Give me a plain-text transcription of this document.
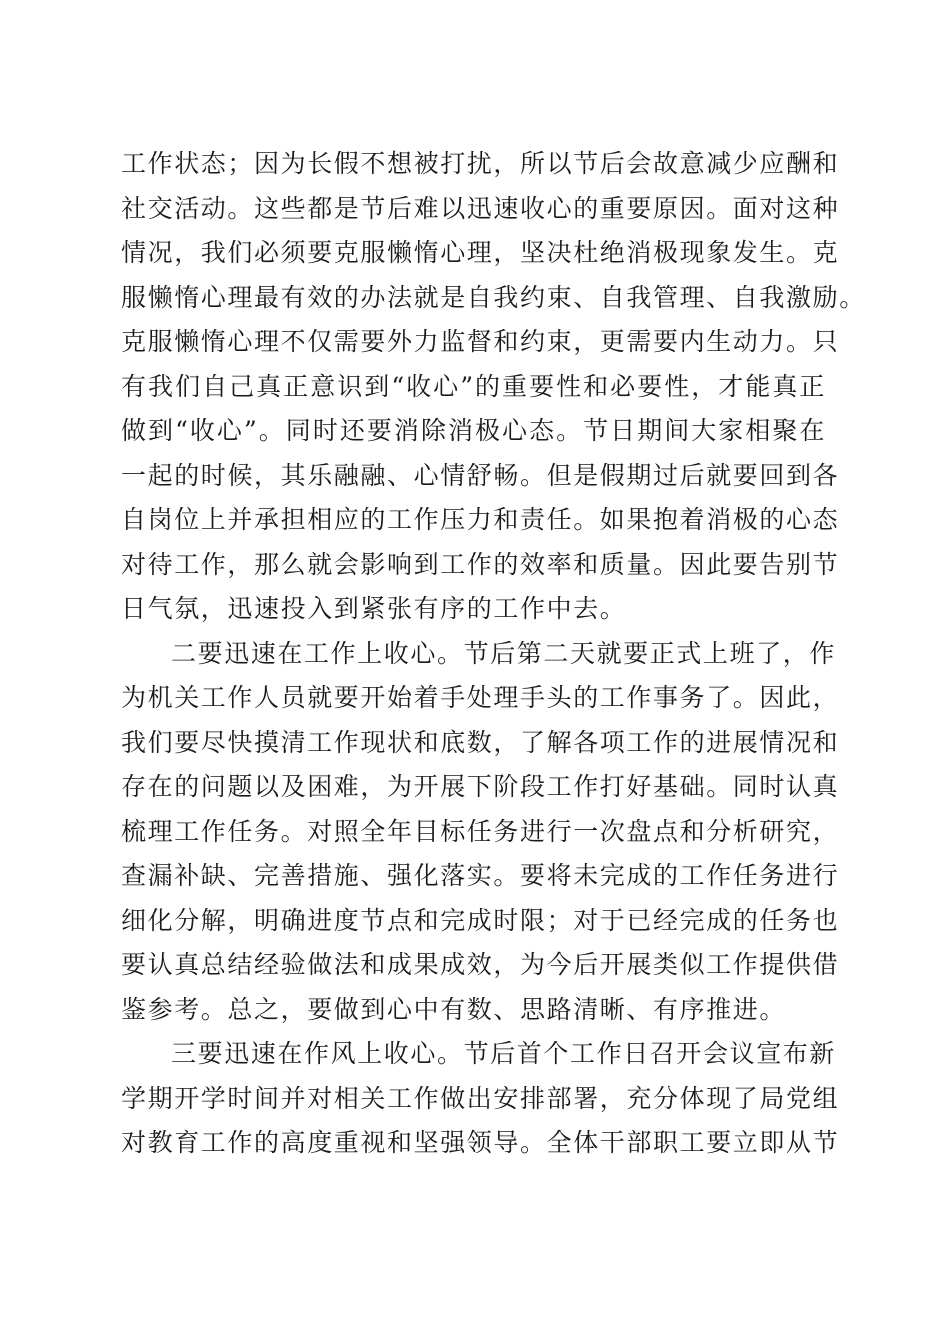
工作状态；因为长假不想被打扰，所以节后会故意减少应酬和
社交活动。这些都是节后难以迅速收心的重要原因。面对这种
情况，我们必须要克服懒惰心理，坚决杜绝消极现象发生。克
服懒惰心理最有效的办法就是自我约束、自我管理、自我激励。
克服懒惰心理不仅需要外力监督和约束，更需要内生动力。只
有我们自己真正意识到“收心”的重要性和必要性，才能真正
做到“收心”。同时还要消除消极心态。节日期间大家相聚在
一起的时候，其乐融融、心情舒畅。但是假期过后就要回到各
自岗位上并承担相应的工作压力和责任。如果抱着消极的心态
对待工作，那么就会影响到工作的效率和质量。因此要告别节
日气氛，迅速投入到紧张有序的工作中去。
二要迅速在工作上收心。节后第二天就要正式上班了，作
为机关工作人员就要开始着手处理手头的工作事务了。因此，
我们要尽快摸清工作现状和底数，了解各项工作的进展情况和
存在的问题以及困难，为开展下阶段工作打好基础。同时认真
梳理工作任务。对照全年目标任务进行一次盘点和分析研究，
查漏补缺、完善措施、强化落实。要将未完成的工作任务进行
细化分解，明确进度节点和完成时限；对于已经完成的任务也
要认真总结经验做法和成果成效，为今后开展类似工作提供借
鉴参考。总之，要做到心中有数、思路清晰、有序推进。
三要迅速在作风上收心。节后首个工作日召开会议宣布新
学期开学时间并对相关工作做出安排部署，充分体现了局党组
对教育工作的高度重视和坚强领导。全体干部职工要立即从节
